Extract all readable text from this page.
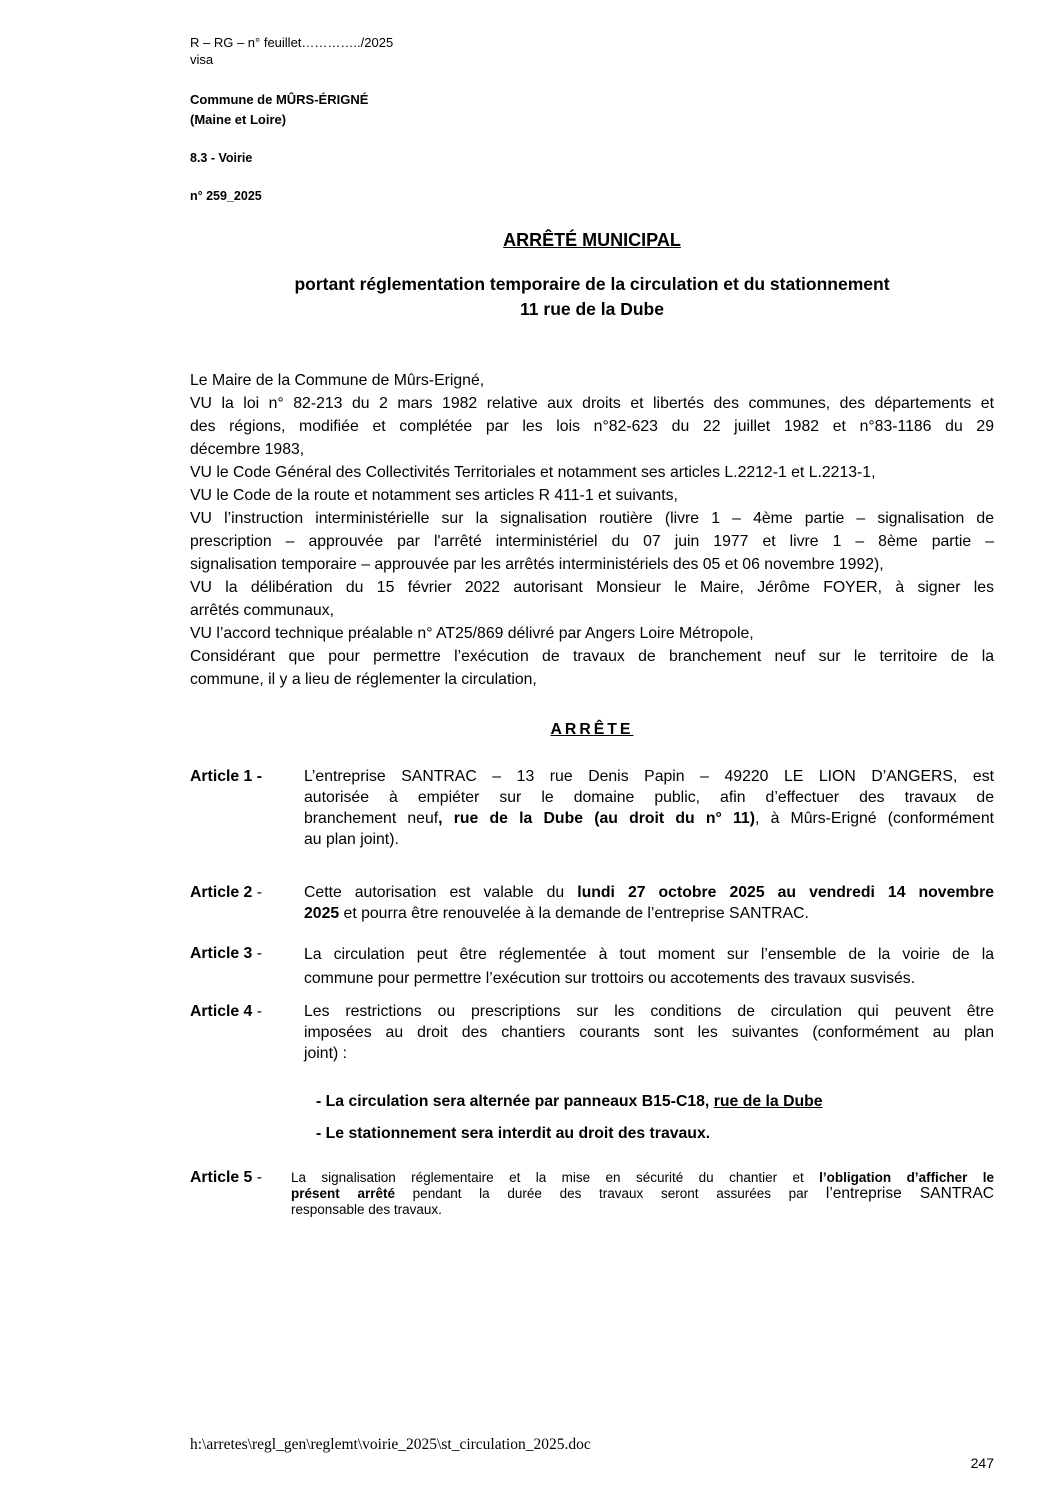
R – RG – n° feuillet…………../2025
visa
Commune de MÛRS-ÉRIGNÉ
(Maine et Loire)
8.3 - Voirie
n° 259_2025
ARRÊTÉ MUNICIPAL
portant réglementation temporaire de la circulation et du stationnement
11 rue de la Dube
Le Maire de la Commune de Mûrs-Erigné,
VU la loi n° 82-213 du 2 mars 1982 relative aux droits et libertés des communes, des départements et
des régions, modifiée et complétée par les lois n°82-623 du 22 juillet 1982 et n°83-1186 du 29
décembre 1983,
VU le Code Général des Collectivités Territoriales et notamment ses articles L.2212-1 et L.2213-1,
VU le Code de la route et notamment ses articles R 411-1 et suivants,
VU l’instruction interministérielle sur la signalisation routière (livre 1 – 4ème partie – signalisation de
prescription – approuvée par l'arrêté interministériel du 07 juin 1977 et livre 1 – 8ème partie –
signalisation temporaire – approuvée par les arrêtés interministériels des 05 et 06 novembre 1992),
VU la délibération du 15 février 2022 autorisant Monsieur le Maire, Jérôme FOYER, à signer les
arrêtés communaux,
VU l’accord technique préalable n° AT25/869 délivré par Angers Loire Métropole,
Considérant que pour permettre l’exécution de travaux de branchement neuf sur le territoire de la
commune, il y a lieu de réglementer la circulation,
ARRÊTE
Article 1 -	L’entreprise SANTRAC – 13 rue Denis Papin – 49220 LE LION D’ANGERS, est
autorisée à empiéter sur le domaine public, afin d’effectuer des travaux de
branchement neuf, rue de la Dube (au droit du n° 11), à Mûrs-Erigné (conformément
au plan joint).
Article 2 -	Cette autorisation est valable du lundi 27 octobre 2025 au vendredi 14 novembre
2025 et pourra être renouvelée à la demande de l’entreprise SANTRAC.
Article 3 -	La circulation peut être réglementée à tout moment sur l’ensemble de la voirie de la
commune pour permettre l’exécution sur trottoirs ou accotements des travaux susvisés.
Article 4 -	Les restrictions ou prescriptions sur les conditions de circulation qui peuvent être
imposées au droit des chantiers courants sont les suivantes (conformément au plan
joint) :
- La circulation sera alternée par panneaux B15-C18, rue de la Dube
- Le stationnement sera interdit au droit des travaux.
Article 5 - La signalisation réglementaire et la mise en sécurité du chantier et l’obligation d’afficher le
présent arrêté pendant la durée des travaux seront assurées par l’entreprise SANTRAC
responsable des travaux.
h:\arretes\regl_gen\reglemt\voirie_2025\st_circulation_2025.doc
247
